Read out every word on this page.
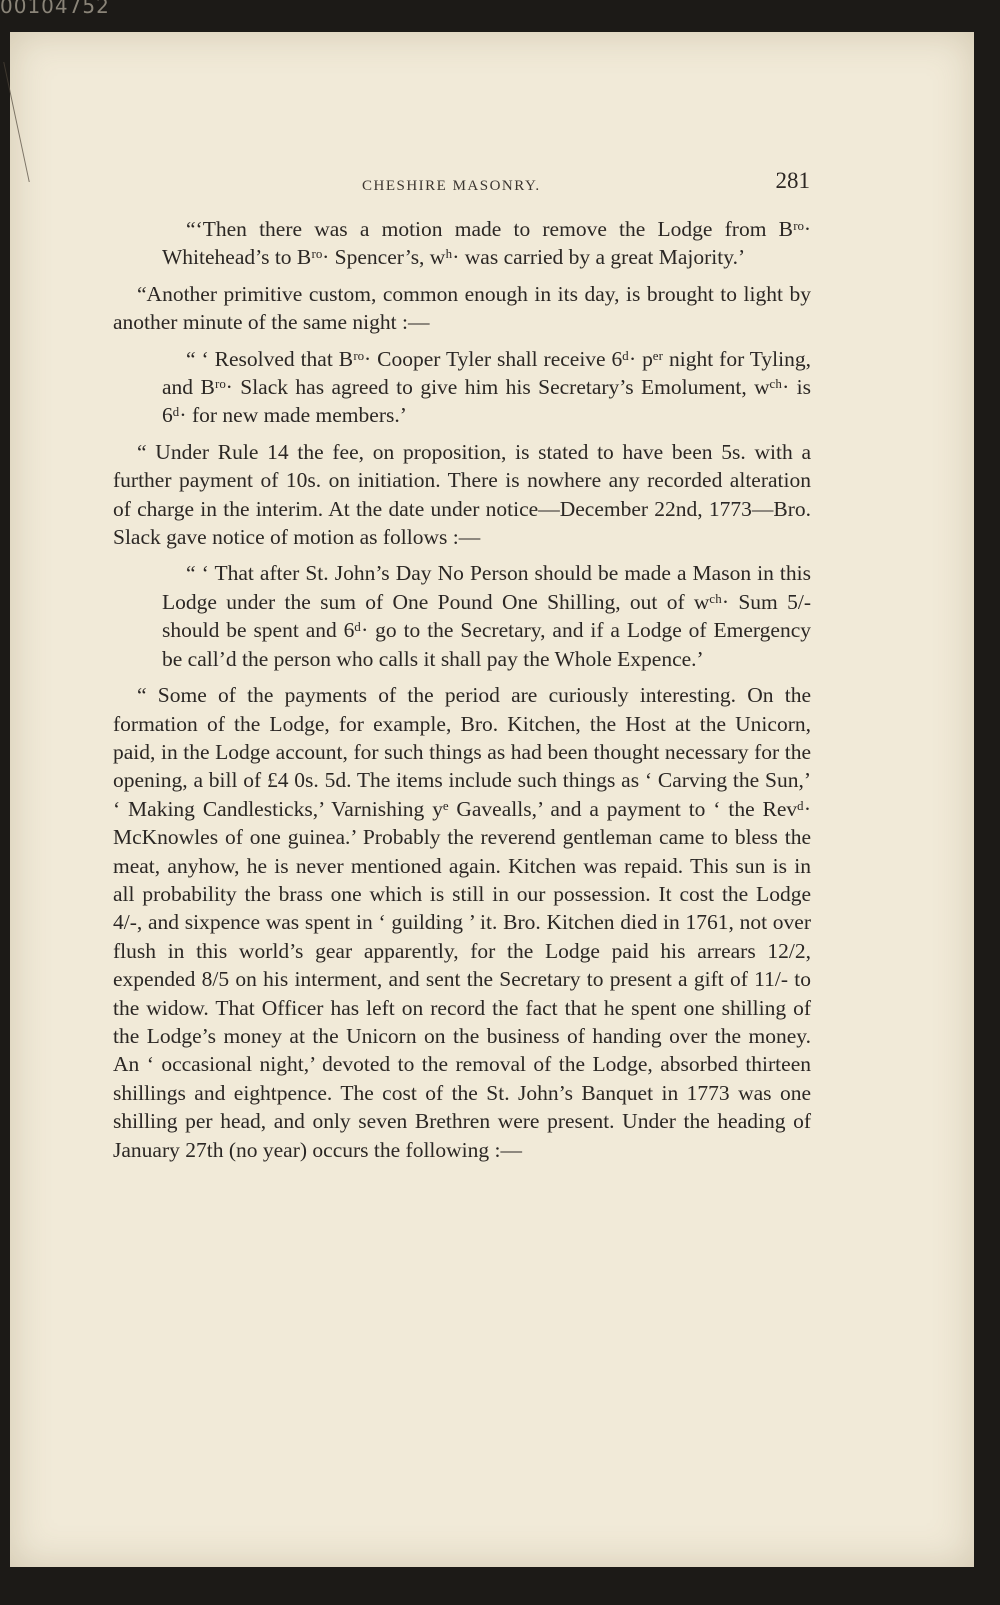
00104752
CHESHIRE MASONRY.	281

“‘Then there was a motion made to remove the Lodge from Bʳᵒ· Whitehead’s to Bʳᵒ· Spencer’s, wʰ· was carried by a great Majority.’

“Another primitive custom, common enough in its day, is brought to light by another minute of the same night :—

“ ‘ Resolved that Bʳᵒ· Cooper Tyler shall receive 6ᵈ· pᵉʳ night for Tyling, and Bʳᵒ· Slack has agreed to give him his Secretary’s Emolument, wᶜʰ· is 6ᵈ· for new made members.’

“ Under Rule 14 the fee, on proposition, is stated to have been 5s. with a further payment of 10s. on initiation. There is nowhere any recorded alteration of charge in the interim. At the date under notice—December 22nd, 1773—Bro. Slack gave notice of motion as follows :—

“ ‘ That after St. John’s Day No Person should be made a Mason in this Lodge under the sum of One Pound One Shilling, out of wᶜʰ· Sum 5/- should be spent and 6ᵈ· go to the Secretary, and if a Lodge of Emergency be call’d the person who calls it shall pay the Whole Expence.’

“ Some of the payments of the period are curiously interesting. On the formation of the Lodge, for example, Bro. Kitchen, the Host at the Unicorn, paid, in the Lodge account, for such things as had been thought necessary for the opening, a bill of £4 0s. 5d. The items include such things as ‘ Carving the Sun,’ ‘ Making Candlesticks,’ Varnishing yᵉ Gavealls,’ and a payment to ‘ the Revᵈ· McKnowles of one guinea.’ Probably the reverend gentleman came to bless the meat, anyhow, he is never mentioned again. Kitchen was repaid. This sun is in all probability the brass one which is still in our possession. It cost the Lodge 4/-, and sixpence was spent in ‘ guilding ’ it. Bro. Kitchen died in 1761, not over flush in this world’s gear apparently, for the Lodge paid his arrears 12/2, expended 8/5 on his interment, and sent the Secretary to present a gift of 11/- to the widow. That Officer has left on record the fact that he spent one shilling of the Lodge’s money at the Unicorn on the business of handing over the money. An ‘ occasional night,’ devoted to the removal of the Lodge, absorbed thirteen shillings and eightpence. The cost of the St. John’s Banquet in 1773 was one shilling per head, and only seven Brethren were present. Under the heading of January 27th (no year) occurs the following :—
